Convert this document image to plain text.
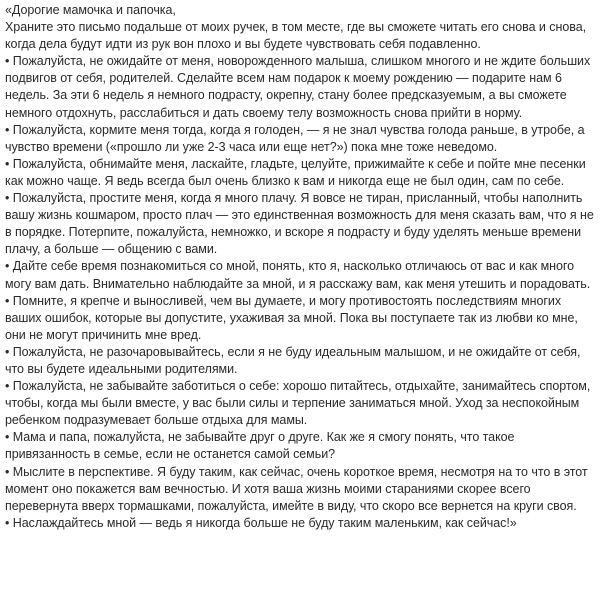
«Дорогие мамочка и папочка,

Храните это письмо подальше от моих ручек, в том месте, где вы сможете читать его снова и снова, когда дела будут идти из рук вон плохо и вы будете чувствовать себя подавленно.

• Пожалуйста, не ожидайте от меня, новорожденного малыша, слишком многого и не ждите больших подвигов от себя, родителей. Сделайте всем нам подарок к моему рождению — подарите нам 6 недель. За эти 6 недель я немного подрасту, окрепну, стану более предсказуемым, а вы сможете немного отдохнуть, расслабиться и дать своему телу возможность снова прийти в норму.

• Пожалуйста, кормите меня тогда, когда я голоден, — я не знал чувства голода раньше, в утробе, а чувство времени («прошло ли уже 2-3 часа или еще нет?») пока мне тоже неведомо.

• Пожалуйста, обнимайте меня, ласкайте, гладьте, целуйте, прижимайте к себе и пойте мне песенки как можно чаще. Я ведь всегда был очень близко к вам и никогда еще не был один, сам по себе.

• Пожалуйста, простите меня, когда я много плачу. Я вовсе не тиран, присланный, чтобы наполнить вашу жизнь кошмаром, просто плач — это единственная возможность для меня сказать вам, что я не в порядке. Потерпите, пожалуйста, немножко, и вскоре я подрасту и буду уделять меньше времени плачу, а больше — общению с вами.

• Дайте себе время познакомиться со мной, понять, кто я, насколько отличаюсь от вас и как много могу вам дать. Внимательно наблюдайте за мной, и я расскажу вам, как меня утешить и порадовать.

• Помните, я крепче и выносливей, чем вы думаете, и могу противостоять последствиям многих ваших ошибок, которые вы допустите, ухаживая за мной. Пока вы поступаете так из любви ко мне, они не могут причинить мне вред.

• Пожалуйста, не разочаровывайтесь, если я не буду идеальным малышом, и не ожидайте от себя, что вы будете идеальными родителями.

• Пожалуйста, не забывайте заботиться о себе: хорошо питайтесь, отдыхайте, занимайтесь спортом, чтобы, когда мы были вместе, у вас были силы и терпение заниматься мной. Уход за неспокойным ребенком подразумевает больше отдыха для мамы.

• Мама и папа, пожалуйста, не забывайте друг о друге. Как же я смогу понять, что такое привязанность в семье, если не останется самой семьи?

• Мыслите в перспективе. Я буду таким, как сейчас, очень короткое время, несмотря на то что в этот момент оно покажется вам вечностью. И хотя ваша жизнь моими стараниями скорее всего перевернута вверх тормашками, пожалуйста, имейте в виду, что скоро все вернется на круги своя.

• Наслаждайтесь мной — ведь я никогда больше не буду таким маленьким, как сейчас!»
